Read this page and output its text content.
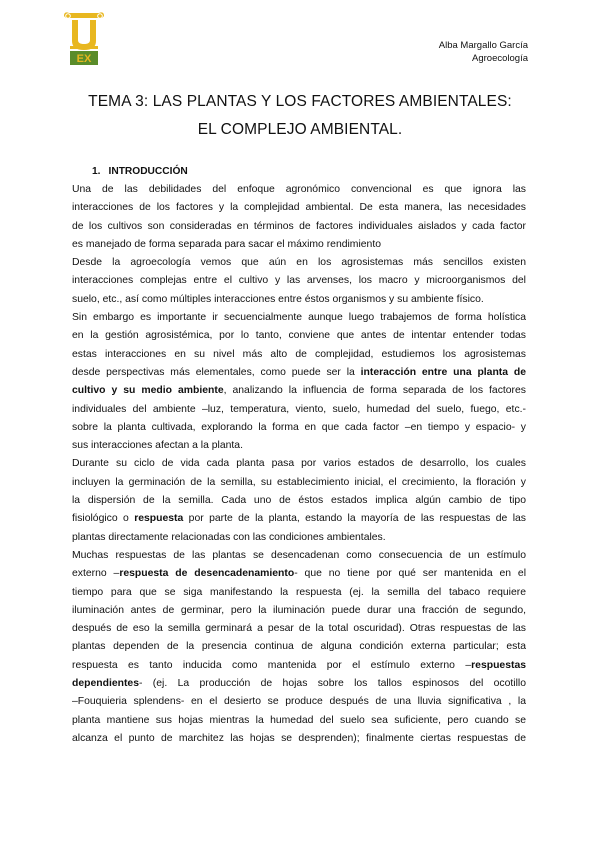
EX
Alba Margallo García
Agroecología
TEMA 3: LAS PLANTAS Y LOS FACTORES AMBIENTALES:
EL COMPLEJO AMBIENTAL.
1. INTRODUCCIÓN
Una de las debilidades del enfoque agronómico convencional es que ignora las
interacciones de los factores y la complejidad ambiental. De esta manera, las necesidades
de los cultivos son consideradas en términos de factores individuales aislados y cada factor
es manejado de forma separada para sacar el máximo rendimiento
Desde la agroecología vemos que aún en los agrosistemas más sencillos existen
interacciones complejas entre el cultivo y las arvenses, los macro y microorganismos del
suelo, etc., así como múltiples interacciones entre éstos organismos y su ambiente físico.
Sin embargo es importante ir secuencialmente aunque luego trabajemos de forma holística
en la gestión agrosistémica, por lo tanto, conviene que antes de intentar entender todas
estas interacciones en su nivel más alto de complejidad, estudiemos los agrosistemas
desde perspectivas más elementales, como puede ser la interacción entre una planta de
cultivo y su medio ambiente, analizando la influencia de forma separada de los factores
individuales del ambiente –luz, temperatura, viento, suelo, humedad del suelo, fuego, etc.-
sobre la planta cultivada, explorando la forma en que cada factor –en tiempo y espacio- y
sus interacciones afectan a la planta.
Durante su ciclo de vida cada planta pasa por varios estados de desarrollo, los cuales
incluyen la germinación de la semilla, su establecimiento inicial, el crecimiento, la floración y
la dispersión de la semilla. Cada uno de éstos estados implica algún cambio de tipo
fisiológico o respuesta por parte de la planta, estando la mayoría de las respuestas de las
plantas directamente relacionadas con las condiciones ambientales.
Muchas respuestas de las plantas se desencadenan como consecuencia de un estímulo
externo –respuesta de desencadenamiento- que no tiene por qué ser mantenida en el
tiempo para que se siga manifestando la respuesta (ej. la semilla del tabaco requiere
iluminación antes de germinar, pero la iluminación puede durar una fracción de segundo,
después de eso la semilla germinará a pesar de la total oscuridad). Otras respuestas de las
plantas dependen de la presencia continua de alguna condición externa particular; esta
respuesta es tanto inducida como mantenida por el estímulo externo –respuestas
dependientes- (ej. La producción de hojas sobre los tallos espinosos del ocotillo
–Fouquieria splendens- en el desierto se produce después de una lluvia significativa , la
planta mantiene sus hojas mientras la humedad del suelo sea suficiente, pero cuando se
alcanza el punto de marchitez las hojas se desprenden); finalmente ciertas respuestas de
